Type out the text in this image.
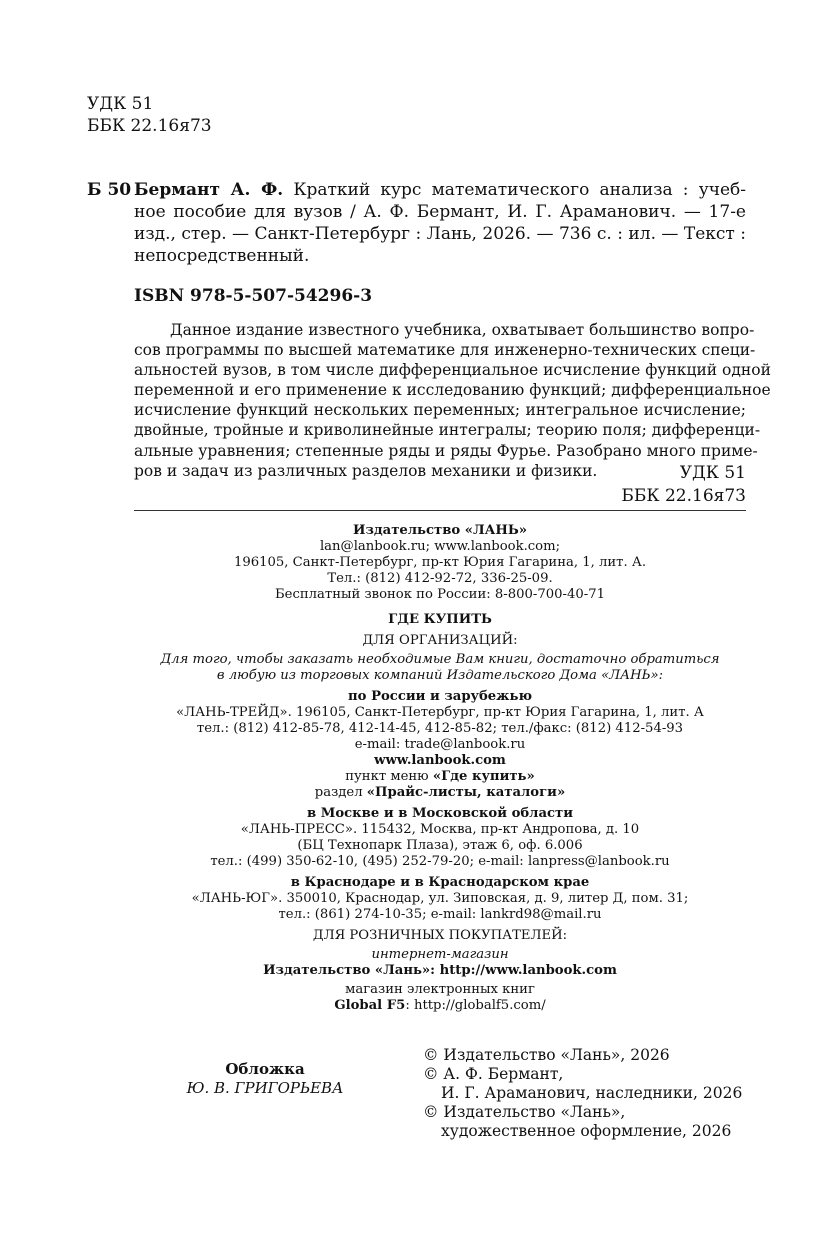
УДК 51
ББК 22.16я73
Б 50 Бермант А. Ф. Краткий курс математического анализа : учеб-
ное пособие для вузов / А. Ф. Бермант, И. Г. Араманович. — 17-е
изд., стер. — Санкт-Петербург : Лань, 2026. — 736 с. : ил. — Текст :
непосредственный.
ISBN 978-5-507-54296-3
Данное издание известного учебника, охватывает большинство вопро-
сов программы по высшей математике для инженерно-технических специ-
альностей вузов, в том числе дифференциальное исчисление функций одной
переменной и его применение к исследованию функций; дифференциальное
исчисление функций нескольких переменных; интегральное исчисление;
двойные, тройные и криволинейные интегралы; теорию поля; дифференци-
альные уравнения; степенные ряды и ряды Фурье. Разобрано много приме-
ров и задач из различных разделов механики и физики.	УДК 51
ББК 22.16я73
Издательство «ЛАНЬ»
lan@lanbook.ru; www.lanbook.com;
196105, Санкт-Петербург, пр-кт Юрия Гагарина, 1, лит. А.
Тел.: (812) 412-92-72, 336-25-09.
Бесплатный звонок по России: 8-800-700-40-71
ГДЕ КУПИТЬ
ДЛЯ ОРГАНИЗАЦИЙ:
Для того, чтобы заказать необходимые Вам книги, достаточно обратиться
в любую из торговых компаний Издательского Дома «ЛАНЬ»:
по России и зарубежью
«ЛАНЬ-ТРЕЙД». 196105, Санкт-Петербург, пр-кт Юрия Гагарина, 1, лит. А
тел.: (812) 412-85-78, 412-14-45, 412-85-82; тел./факс: (812) 412-54-93
e-mail: trade@lanbook.ru
www.lanbook.com
пункт меню «Где купить»
раздел «Прайс-листы, каталоги»
в Москве и в Московской области
«ЛАНЬ-ПРЕСС». 115432, Москва, пр-кт Андропова, д. 10
(БЦ Технопарк Плаза), этаж 6, оф. 6.006
тел.: (499) 350-62-10, (495) 252-79-20; e-mail: lanpress@lanbook.ru
в Краснодаре и в Краснодарском крае
«ЛАНЬ-ЮГ». 350010, Краснодар, ул. Зиповская, д. 9, литер Д, пом. 31;
тел.: (861) 274-10-35; e-mail: lankrd98@mail.ru
ДЛЯ РОЗНИЧНЫХ ПОКУПАТЕЛЕЙ:
интернет-магазин
Издательство «Лань»: http://www.lanbook.com
магазин электронных книг
Global F5: http://globalf5.com/
Обложка
Ю. В. ГРИГОРЬЕВА
© Издательство «Лань», 2026
© А. Ф. Бермант,
И. Г. Араманович, наследники, 2026
© Издательство «Лань»,
художественное оформление, 2026
